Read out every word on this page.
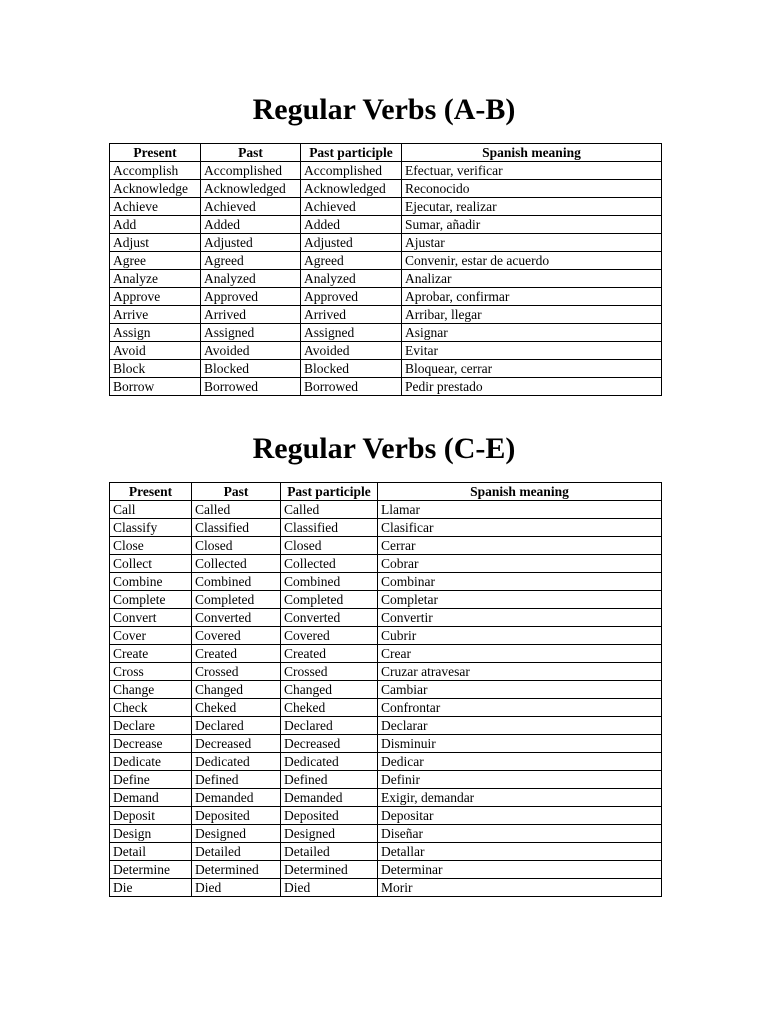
Regular Verbs (A-B)
Present	Past	Past participle	Spanish meaning
Accomplish	Accomplished	Accomplished	Efectuar, verificar
Acknowledge	Acknowledged	Acknowledged	Reconocido
Achieve	Achieved	Achieved	Ejecutar, realizar
Add	Added	Added	Sumar, añadir
Adjust	Adjusted	Adjusted	Ajustar
Agree	Agreed	Agreed	Convenir, estar de acuerdo
Analyze	Analyzed	Analyzed	Analizar
Approve	Approved	Approved	Aprobar, confirmar
Arrive	Arrived	Arrived	Arribar, llegar
Assign	Assigned	Assigned	Asignar
Avoid	Avoided	Avoided	Evitar
Block	Blocked	Blocked	Bloquear, cerrar
Borrow	Borrowed	Borrowed	Pedir prestado
Regular Verbs (C-E)
Present	Past	Past participle	Spanish meaning
Call	Called	Called	Llamar
Classify	Classified	Classified	Clasificar
Close	Closed	Closed	Cerrar
Collect	Collected	Collected	Cobrar
Combine	Combined	Combined	Combinar
Complete	Completed	Completed	Completar
Convert	Converted	Converted	Convertir
Cover	Covered	Covered	Cubrir
Create	Created	Created	Crear
Cross	Crossed	Crossed	Cruzar atravesar
Change	Changed	Changed	Cambiar
Check	Cheked	Cheked	Confrontar
Declare	Declared	Declared	Declarar
Decrease	Decreased	Decreased	Disminuir
Dedicate	Dedicated	Dedicated	Dedicar
Define	Defined	Defined	Definir
Demand	Demanded	Demanded	Exigir, demandar
Deposit	Deposited	Deposited	Depositar
Design	Designed	Designed	Diseñar
Detail	Detailed	Detailed	Detallar
Determine	Determined	Determined	Determinar
Die	Died	Died	Morir
